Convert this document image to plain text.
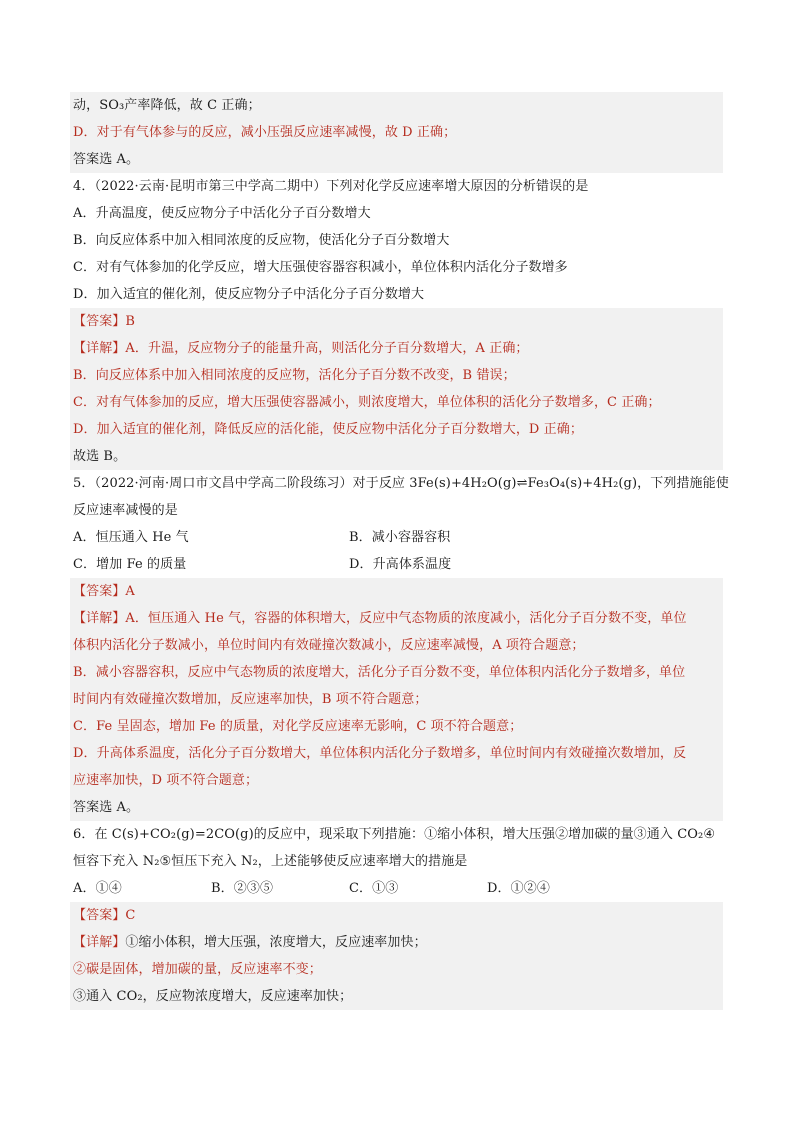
动，SO₃产率降低，故 C 正确；
D．对于有气体参与的反应，减小压强反应速率减慢，故 D 正确；
答案选 A。
4．（2022·云南·昆明市第三中学高二期中）下列对化学反应速率增大原因的分析错误的是
A．升高温度，使反应物分子中活化分子百分数增大
B．向反应体系中加入相同浓度的反应物，使活化分子百分数增大
C．对有气体参加的化学反应，增大压强使容器容积减小，单位体积内活化分子数增多
D．加入适宜的催化剂，使反应物分子中活化分子百分数增大
【答案】B
【详解】A．升温，反应物分子的能量升高，则活化分子百分数增大，A 正确；
B．向反应体系中加入相同浓度的反应物，活化分子百分数不改变，B 错误；
C．对有气体参加的反应，增大压强使容器减小，则浓度增大，单位体积的活化分子数增多，C 正确；
D．加入适宜的催化剂，降低反应的活化能，使反应物中活化分子百分数增大，D 正确；
故选 B。
5．（2022·河南·周口市文昌中学高二阶段练习）对于反应 3Fe(s)+4H₂O(g)⇌Fe₃O₄(s)+4H₂(g)，下列措施能使
反应速率减慢的是
A．恒压通入 He 气	B．减小容器容积
C．增加 Fe 的质量	D．升高体系温度
【答案】A
【详解】A．恒压通入 He 气，容器的体积增大，反应中气态物质的浓度减小，活化分子百分数不变，单位
体积内活化分子数减小，单位时间内有效碰撞次数减小，反应速率减慢，A 项符合题意；
B．减小容器容积，反应中气态物质的浓度增大，活化分子百分数不变，单位体积内活化分子数增多，单位
时间内有效碰撞次数增加，反应速率加快，B 项不符合题意；
C．Fe 呈固态，增加 Fe 的质量，对化学反应速率无影响，C 项不符合题意；
D．升高体系温度，活化分子百分数增大，单位体积内活化分子数增多，单位时间内有效碰撞次数增加，反
应速率加快，D 项不符合题意；
答案选 A。
6．在 C(s)+CO₂(g)=2CO(g)的反应中，现采取下列措施：①缩小体积，增大压强②增加碳的量③通入 CO₂④
恒容下充入 N₂⑤恒压下充入 N₂，上述能够使反应速率增大的措施是
A．①④	B．②③⑤	C．①③	D．①②④
【答案】C
【详解】①缩小体积，增大压强，浓度增大，反应速率加快；
②碳是固体，增加碳的量，反应速率不变；
③通入 CO₂，反应物浓度增大，反应速率加快；
